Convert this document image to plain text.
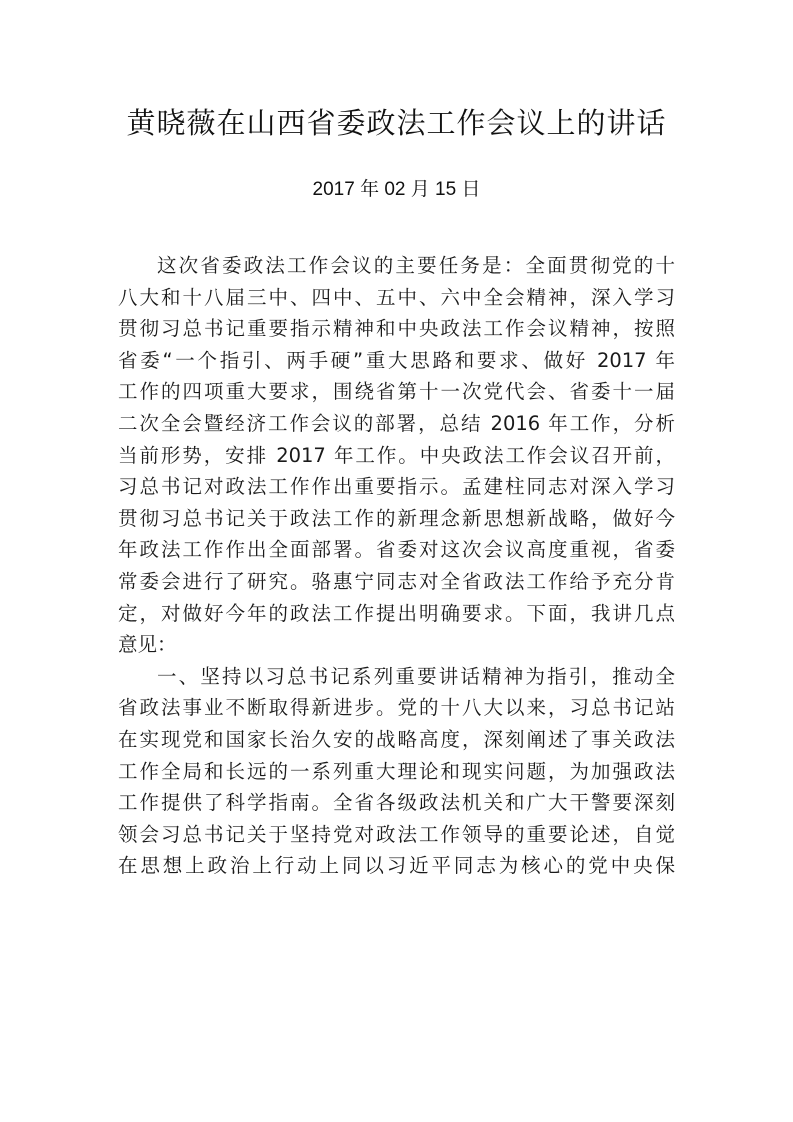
黄晓薇在山西省委政法工作会议上的讲话
2017 年 02 月 15 日
这次省委政法工作会议的主要任务是：全面贯彻党的十
八大和十八届三中、四中、五中、六中全会精神，深入学习
贯彻习总书记重要指示精神和中央政法工作会议精神，按照
省委“一个指引、两手硬”重大思路和要求、做好 2017 年
工作的四项重大要求，围绕省第十一次党代会、省委十一届
二次全会暨经济工作会议的部署，总结 2016 年工作，分析
当前形势，安排 2017 年工作。中央政法工作会议召开前，
习总书记对政法工作作出重要指示。孟建柱同志对深入学习
贯彻习总书记关于政法工作的新理念新思想新战略，做好今
年政法工作作出全面部署。省委对这次会议高度重视，省委
常委会进行了研究。骆惠宁同志对全省政法工作给予充分肯
定，对做好今年的政法工作提出明确要求。下面，我讲几点
意见：
一、坚持以习总书记系列重要讲话精神为指引，推动全
省政法事业不断取得新进步。党的十八大以来，习总书记站
在实现党和国家长治久安的战略高度，深刻阐述了事关政法
工作全局和长远的一系列重大理论和现实问题，为加强政法
工作提供了科学指南。全省各级政法机关和广大干警要深刻
领会习总书记关于坚持党对政法工作领导的重要论述，自觉
在思想上政治上行动上同以习近平同志为核心的党中央保
